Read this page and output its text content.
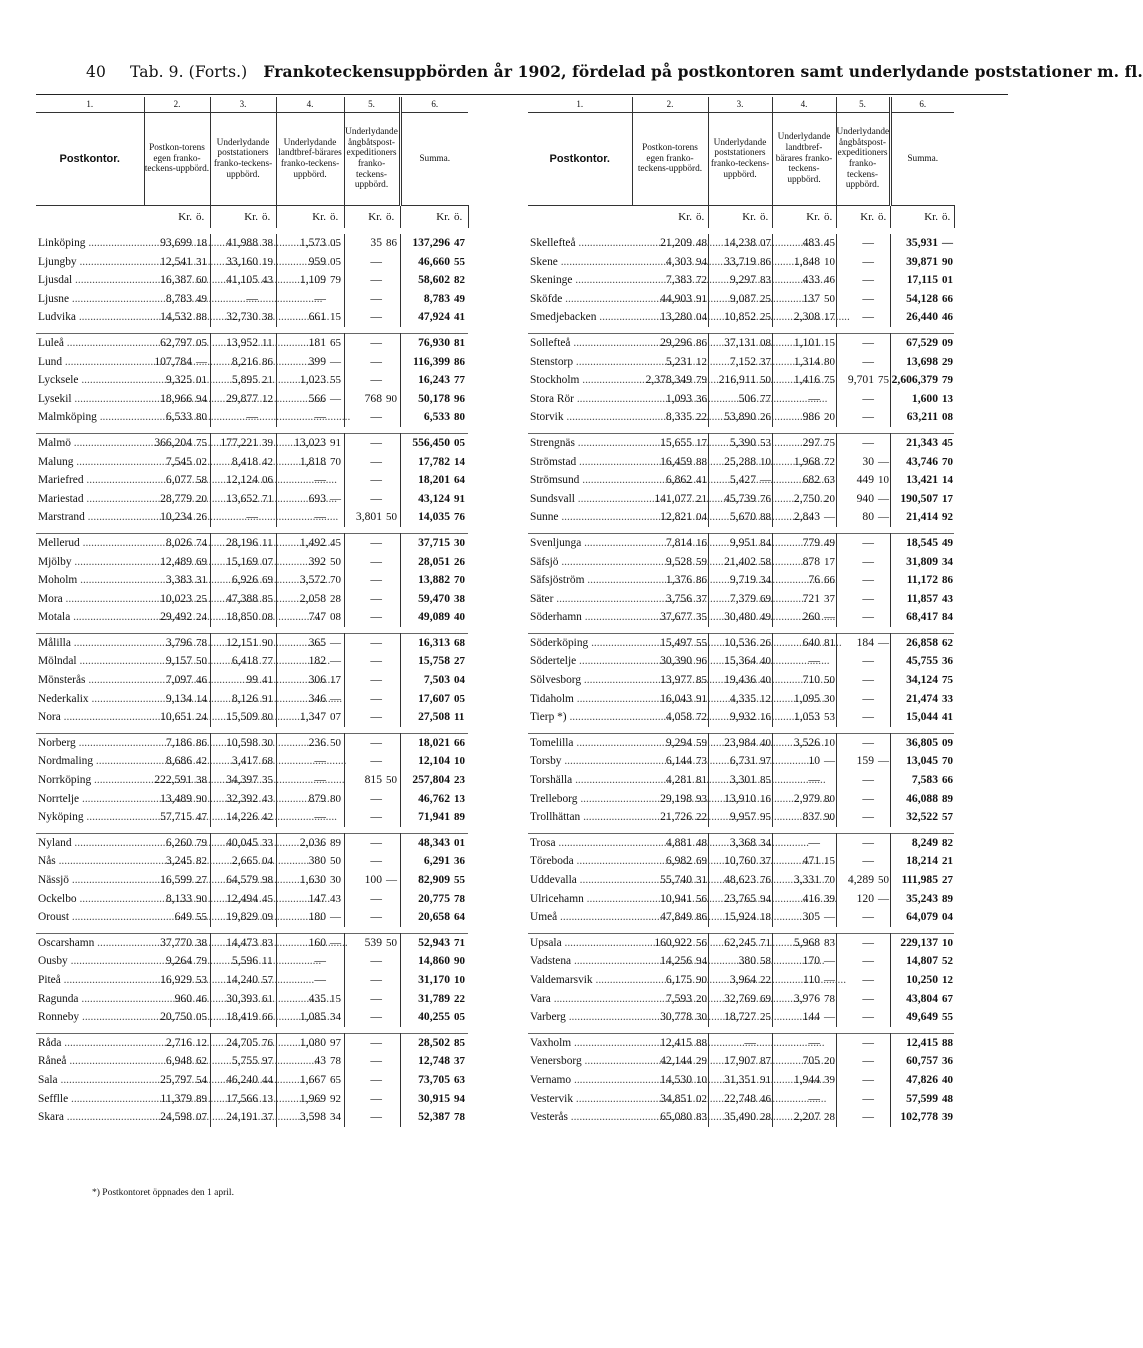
40 Tab. 9. (Forts.) Frankoteckensuppbörden år 1902, fördelad på postkontoren samt underlydande poststationer m. fl.
1.	2.		3.		4.		5.		6.	
Postkontor.	Postkon-torens egen franko-teckens-uppbörd.		Underlydande poststationers franko-teckens-uppbörd.		Underlydande landtbref-bärares franko-teckens-uppbörd.		Underlydande ångbåtspost-expeditioners franko-teckens-uppbörd.		Summa.	
	Kr.	ö.	Kr.	ö.	Kr.	ö.	Kr.	ö.	Kr.	ö.

Linköping .....	93,699	18	41,988	38	1,573	05	35	86	137,296	47
Ljungby .....	12,541	31	33,160	19	959	05	—		46,660	55
Ljusdal .....	16,387	60	41,105	43	1,109	79	—		58,602	82
Ljusne .....	8,783	49	—		—		—		8,783	49
Ludvika .....	14,532	88	32,730	38	661	15	—		47,924	41

Luleå .....	62,797	05	13,952	11	181	65	—		76,930	81
Lund .....	107,784	—	8,216	86	399	—	—		116,399	86
Lycksele .....	9,325	01	5,895	21	1,023	55	—		16,243	77
Lysekil .....	18,966	94	29,877	12	566	—	768	90	50,178	96
Malmköping .....	6,533	80	—		—		—		6,533	80

Malmö .....	366,204	75	177,221	39	13,023	91	—		556,450	05
Malung .....	7,545	02	8,418	42	1,818	70	—		17,782	14
Mariefred .....	6,077	58	12,124	06	—		—		18,201	64
Mariestad .....	28,779	20	13,652	71	693	—	—		43,124	91
Marstrand .....	10,234	26	—		—		3,801	50	14,035	76

Mellerud .....	8,026	74	28,196	11	1,492	45	—		37,715	30
Mjölby .....	12,489	69	15,169	07	392	50	—		28,051	26
Moholm .....	3,383	31	6,926	69	3,572	70	—		13,882	70
Mora .....	10,023	25	47,388	85	2,058	28	—		59,470	38
Motala .....	29,492	24	18,850	08	747	08	—		49,089	40

Målilla .....	3,796	78	12,151	90	365	—	—		16,313	68
Mölndal .....	9,157	50	6,418	77	182	—	—		15,758	27
Mönsterås .....	7,097	46	99	41	306	17	—		7,503	04
Nederkalix .....	9,134	14	8,126	91	346	—	—		17,607	05
Nora .....	10,651	24	15,509	80	1,347	07	—		27,508	11

Norberg .....	7,186	86	10,598	30	236	50	—		18,021	66
Nordmaling .....	8,686	42	3,417	68	—		—		12,104	10
Norrköping .....	222,591	38	34,397	35	—		815	50	257,804	23
Norrtelje .....	13,489	90	32,392	43	879	80	—		46,762	13
Nyköping .....	57,715	47	14,226	42	—		—		71,941	89

Nyland .....	6,260	79	40,045	33	2,036	89	—		48,343	01
Nås .....	3,245	82	2,665	04	380	50	—		6,291	36
Nässjö .....	16,599	27	64,579	98	1,630	30	100	—	82,909	55
Ockelbo .....	8,133	90	12,494	45	147	43	—		20,775	78
Oroust .....	649	55	19,829	09	180	—	—		20,658	64

Oscarshamn .....	37,770	38	14,473	83	160	—	539	50	52,943	71
Ousby .....	9,264	79	5,596	11	—		—		14,860	90
Piteå .....	16,929	53	14,240	57	—		—		31,170	10
Ragunda .....	960	46	30,393	61	435	15	—		31,789	22
Ronneby .....	20,750	05	18,419	66	1,085	34	—		40,255	05

Råda .....	2,716	12	24,705	76	1,080	97	—		28,502	85
Råneå .....	6,948	62	5,755	97	43	78	—		12,748	37
Sala .....	25,797	54	46,240	44	1,667	65	—		73,705	63
Sefflle .....	11,379	89	17,566	13	1,969	92	—		30,915	94
Skara .....	24,598	07	24,191	37	3,598	34	—		52,387	78
1.	2.		3.		4.		5.		6.	
Postkontor.	Postkon-torens egen franko-teckens-uppbörd.		Underlydande poststationers franko-teckens-uppbörd.		Underlydande landtbref-bärares franko-teckens-uppbörd.		Underlydande ångbåtspost-expeditioners franko-teckens-uppbörd.		Summa.	
	Kr.	ö.	Kr.	ö.	Kr.	ö.	Kr.	ö.	Kr.	ö.

Skellefteå .....	21,209	48	14,238	07	483	45	—		35,931	—
Skene .....	4,303	94	33,719	86	1,848	10	—		39,871	90
Skeninge .....	7,383	72	9,297	83	433	46	—		17,115	01
Sköfde .....	44,903	91	9,087	25	137	50	—		54,128	66
Smedjebacken .....	13,280	04	10,852	25	2,308	17	—		26,440	46

Sollefteå .....	29,296	86	37,131	08	1,101	15	—		67,529	09
Stenstorp .....	5,231	12	7,152	37	1,314	80	—		13,698	29
Stockholm .....	2,378,349	79	216,911	50	1,416	75	9,701	75	2,606,379	79
Stora Rör .....	1,093	36	506	77	—		—		1,600	13
Storvik .....	8,335	22	53,890	26	986	20	—		63,211	08

Strengnäs .....	15,655	17	5,390	53	297	75	—		21,343	45
Strömstad .....	16,459	88	25,288	10	1,968	72	30	—	43,746	70
Strömsund .....	6,862	41	5,427	—	682	63	449	10	13,421	14
Sundsvall .....	141,077	21	45,739	76	2,750	20	940	—	190,507	17
Sunne .....	12,821	04	5,670	88	2,843	—	80	—	21,414	92

Svenljunga .....	7,814	16	9,951	84	779	49	—		18,545	49
Säfsjö .....	9,528	59	21,402	58	878	17	—		31,809	34
Säfsjöström .....	1,376	86	9,719	34	76	66	—		11,172	86
Säter .....	3,756	37	7,379	69	721	37	—		11,857	43
Söderhamn .....	37,677	35	30,480	49	260	—	—		68,417	84

Söderköping .....	15,497	55	10,536	26	640	81	184	—	26,858	62
Södertelje .....	30,390	96	15,364	40	—		—		45,755	36
Sölvesborg .....	13,977	85	19,436	40	710	50	—		34,124	75
Tidaholm .....	16,043	91	4,335	12	1,095	30	—		21,474	33
Tierp *) .....	4,058	72	9,932	16	1,053	53	—		15,044	41

Tomelilla .....	9,294	59	23,984	40	3,526	10	—		36,805	09
Torsby .....	6,144	73	6,731	97	10	—	159	—	13,045	70
Torshälla .....	4,281	81	3,301	85	—		—		7,583	66
Trelleborg .....	29,198	93	13,910	16	2,979	80	—		46,088	89
Trollhättan .....	21,726	22	9,957	95	837	90	—		32,522	57

Trosa .....	4,881	48	3,368	34	—		—		8,249	82
Töreboda .....	6,982	69	10,760	37	471	15	—		18,214	21
Uddevalla .....	55,740	31	48,623	76	3,331	70	4,289	50	111,985	27
Ulricehamn .....	10,941	56	23,765	94	416	39	120	—	35,243	89
Umeå .....	47,849	86	15,924	18	305	—	—		64,079	04

Upsala .....	160,922	56	62,245	71	5,968	83	—		229,137	10
Vadstena .....	14,256	94	380	58	170	—	—		14,807	52
Valdemarsvik .....	6,175	90	3,964	22	110	—	—		10,250	12
Vara .....	7,593	20	32,769	69	3,976	78	—		43,804	67
Varberg .....	30,778	30	18,727	25	144	—	—		49,649	55

Vaxholm .....	12,415	88	—		—		—		12,415	88
Venersborg .....	42,144	29	17,907	87	705	20	—		60,757	36
Vernamo .....	14,530	10	31,351	91	1,944	39	—		47,826	40
Vestervik .....	34,851	02	22,748	46	—		—		57,599	48
Vesterås .....	65,080	83	35,490	28	2,207	28	—		102,778	39
*) Postkontoret öppnades den 1 april.
